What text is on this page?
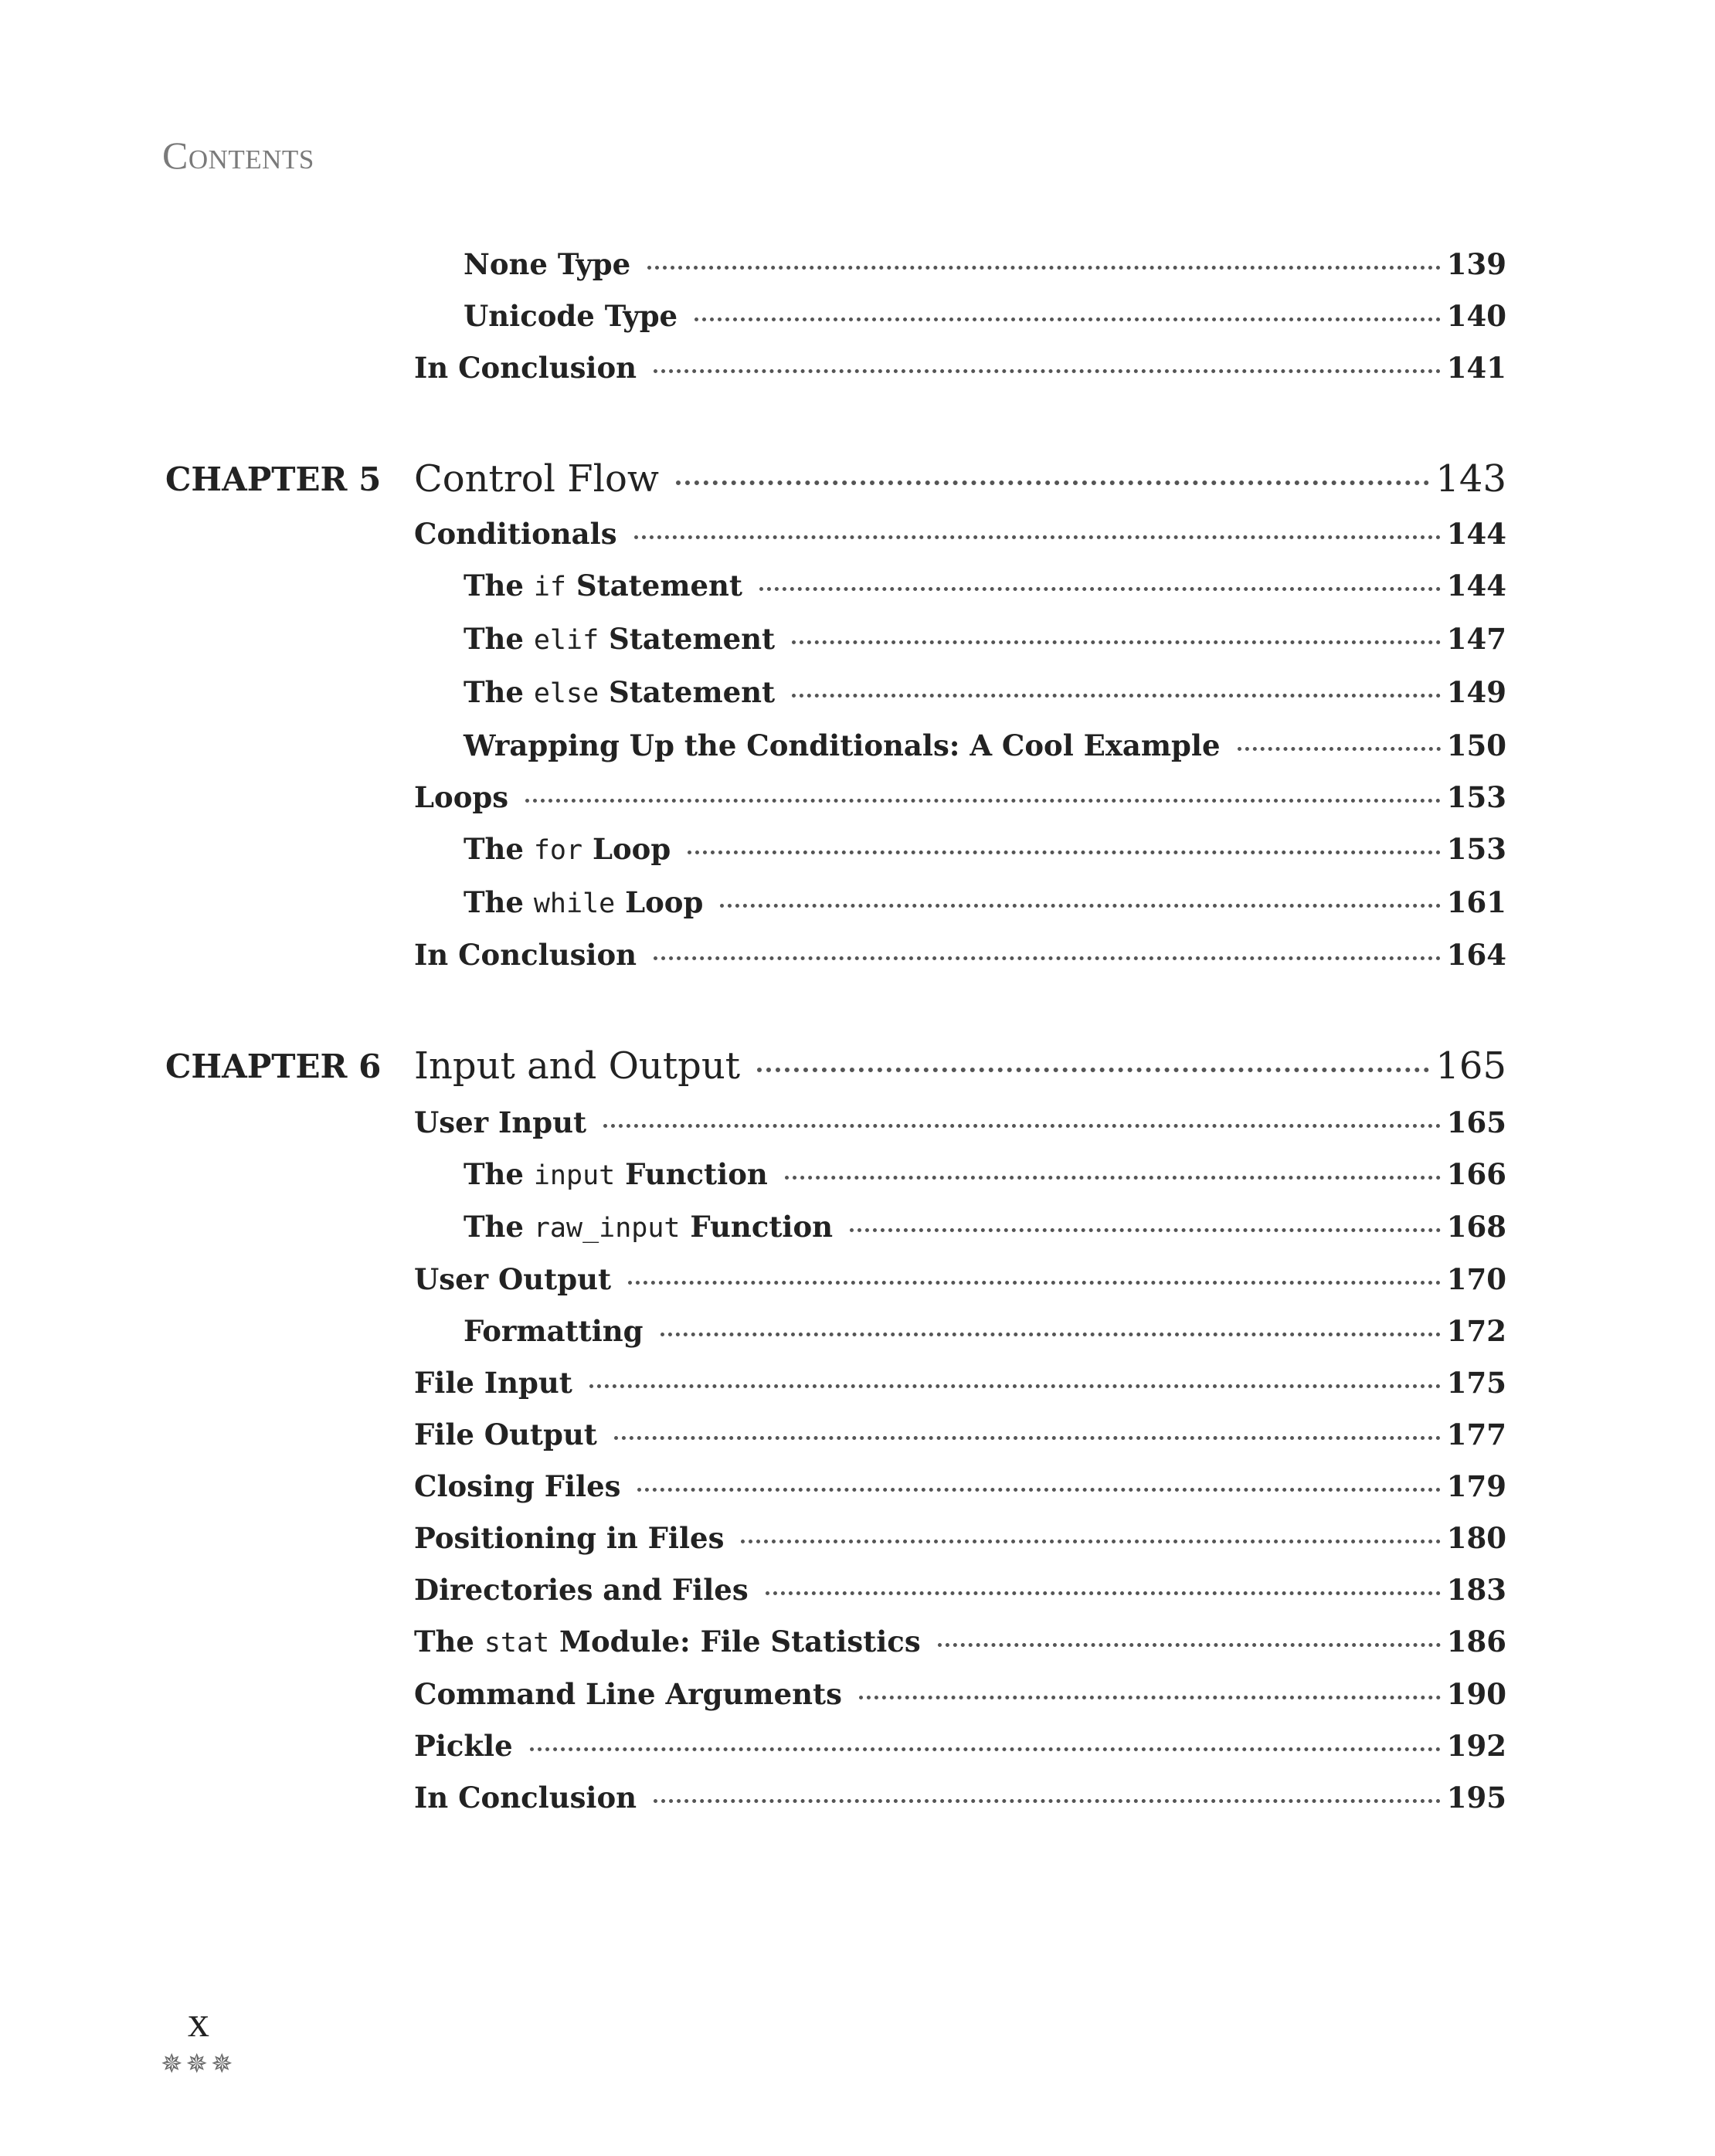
Contents
None Type	139
Unicode Type	140
In Conclusion	141
CHAPTER 5 Control Flow	143
Conditionals	144
The if Statement	144
The elif Statement	147
The else Statement	149
Wrapping Up the Conditionals: A Cool Example	150
Loops	153
The for Loop	153
The while Loop	161
In Conclusion	164
CHAPTER 6 Input and Output	165
User Input	165
The input Function	166
The raw_input Function	168
User Output	170
Formatting	172
File Input	175
File Output	177
Closing Files	179
Positioning in Files	180
Directories and Files	183
The stat Module: File Statistics	186
Command Line Arguments	190
Pickle	192
In Conclusion	195
x
✵✵✵
